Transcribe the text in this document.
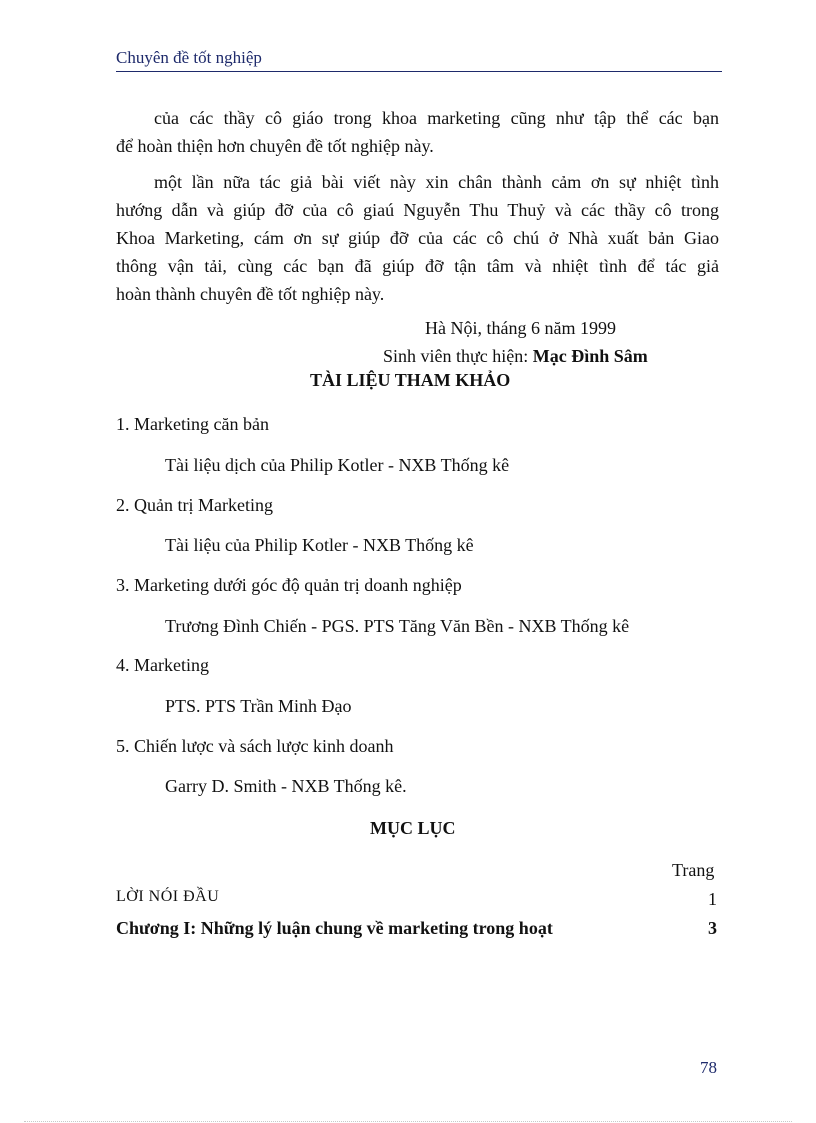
Chuyên đề tốt nghiệp
của các thầy cô giáo trong khoa marketing cũng như tập thể các bạn
để hoàn thiện hơn chuyên đề tốt nghiệp này.
một lần nữa tác giả bài viết này xin chân thành cảm ơn sự nhiệt tình
hướng dẫn và giúp đỡ của cô giaú Nguyễn Thu Thuỷ và các thầy cô trong
Khoa Marketing, cám ơn sự giúp đỡ của các cô chú ở Nhà xuất bản Giao
thông vận tải, cùng các bạn đã giúp đỡ tận tâm và nhiệt tình để tác giả
hoàn thành chuyên đề tốt nghiệp này.
Hà Nội, tháng 6 năm 1999
Sinh viên thực hiện: Mạc Đình Sâm
TÀI LIỆU THAM KHẢO
1. Marketing căn bản
Tài liệu dịch của Philip Kotler - NXB Thống kê
2. Quản trị Marketing
Tài liệu của Philip Kotler - NXB Thống kê
3. Marketing dưới góc độ quản trị doanh nghiệp
Trương Đình Chiến - PGS. PTS Tăng Văn Bền - NXB Thống kê
4. Marketing
PTS. PTS Trần Minh Đạo
5. Chiến lược và sách lược kinh doanh
Garry D. Smith - NXB Thống kê.
MỤC LỤC
Trang
LỜI NÓI ĐẦU	1
Chương I: Những lý luận chung về marketing trong hoạt	3
78
